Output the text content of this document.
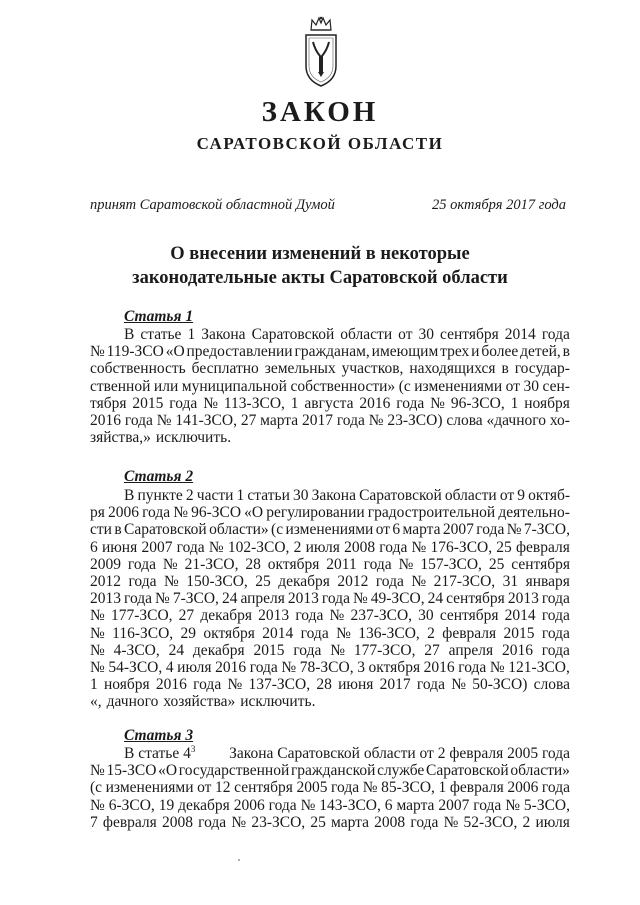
ЗАКОН
САРАТОВСКОЙ ОБЛАСТИ
принят Саратовской областной Думой	25 октября 2017 года
О внесении изменений в некоторые
законодательные акты Саратовской области
Статья 1
В статье 1 Закона Саратовской области от 30 сентября 2014 года
№ 119-ЗСО «О предоставлении гражданам, имеющим трех и более детей, в
собственность бесплатно земельных участков, находящихся в государ-
ственной или муниципальной собственности» (с изменениями от 30 сен-
тября 2015 года № 113-ЗСО, 1 августа 2016 года № 96-ЗСО, 1 ноября
2016 года № 141-ЗСО, 27 марта 2017 года № 23-ЗСО) слова «дачного хо-
зяйства,» исключить.
Статья 2
В пункте 2 части 1 статьи 30 Закона Саратовской области от 9 октяб-
ря 2006 года № 96-ЗСО «О регулировании градостроительной деятельно-
сти в Саратовской области» (с изменениями от 6 марта 2007 года № 7-ЗСО,
6 июня 2007 года № 102-ЗСО, 2 июля 2008 года № 176-ЗСО, 25 февраля
2009 года № 21-ЗСО, 28 октября 2011 года № 157-ЗСО, 25 сентября
2012 года № 150-ЗСО, 25 декабря 2012 года № 217-ЗСО, 31 января
2013 года № 7-ЗСО, 24 апреля 2013 года № 49-ЗСО, 24 сентября 2013 года
№ 177-ЗСО, 27 декабря 2013 года № 237-ЗСО, 30 сентября 2014 года
№ 116-ЗСО, 29 октября 2014 года № 136-ЗСО, 2 февраля 2015 года
№ 4-ЗСО, 24 декабря 2015 года № 177-ЗСО, 27 апреля 2016 года
№ 54-ЗСО, 4 июля 2016 года № 78-ЗСО, 3 октября 2016 года № 121-ЗСО,
1 ноября 2016 года № 137-ЗСО, 28 июня 2017 года № 50-ЗСО) слова
«, дачного хозяйства» исключить.
Статья 3
В статье $4^3$ Закона Саратовской области от 2 февраля 2005 года
№ 15-ЗСО «О государственной гражданской службе Саратовской области»
(с изменениями от 12 сентября 2005 года № 85-ЗСО, 1 февраля 2006 года
№ 6-ЗСО, 19 декабря 2006 года № 143-ЗСО, 6 марта 2007 года № 5-ЗСО,
7 февраля 2008 года № 23-ЗСО, 25 марта 2008 года № 52-ЗСО, 2 июля
